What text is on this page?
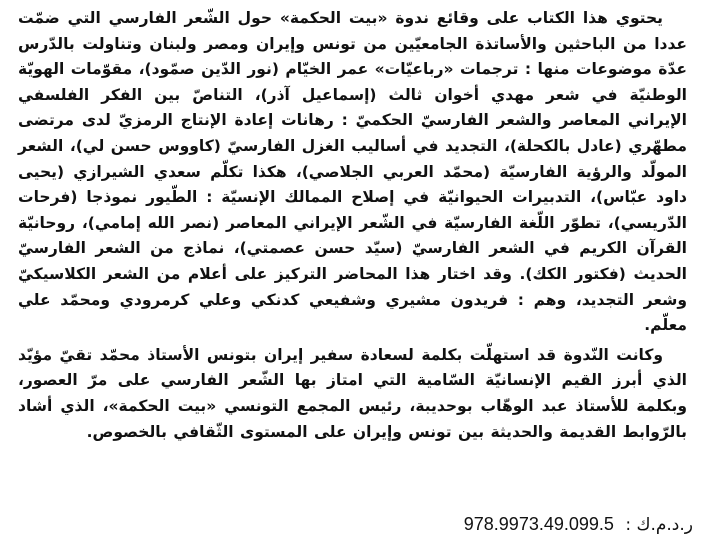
يحتوي هذا الكتاب على وقائع ندوة «بيت الحكمة» حول الشّعر الفارسي التي ضمّت عددا من الباحثين والأساتذة الجامعيّين من تونس وإيران ومصر ولبنان وتناولت بالدّرس عدّة موضوعات منها : ترجمات «رباعيّات» عمر الخيّام (نور الدّين صمّود)، مقوّمات الهويّة الوطنيّة في شعر مهدي أخوان ثالث (إسماعيل آذر)، التناصّ بين الفكر الفلسفي الإيراني المعاصر والشعر الفارسيّ الحكميّ : رهانات إعادة الإنتاج الرمزيّ لدى مرتضى مطهّري (عادل بالكحلة)، التجديد في أساليب الغزل الفارسيّ (كاووس حسن لي)، الشعر المولّد والرؤية الفارسيّة (محمّد العربي الجلاصي)، هكذا تكلّم سعدي الشيرازي (يحيى داود عبّاس)، التدبيرات الحيوانيّة في إصلاح الممالك الإنسيّة : الطّيور نموذجا (فرحات الدّريسي)، تطوّر اللّغة الفارسيّة في الشّعر الإيراني المعاصر (نصر الله إمامي)، روحانيّة القرآن الكريم في الشعر الفارسيّ (سيّد حسن عصمتي)، نماذج من الشعر الفارسيّ الحديث (فكتور الكك). وقد اختار هذا المحاضر التركيز على أعلام من الشعر الكلاسيكيّ وشعر التجديد، وهم : فريدون مشيري وشفيعي كدنكي وعلي كرمرودي ومحمّد علي معلّم.

وكانت النّدوة قد استهلّت بكلمة لسعادة سفير إيران بتونس الأستاذ محمّد تقيّ مؤيّد الذي أبرز القيم الإنسانيّة السّامية التي امتاز بها الشّعر الفارسي على مرّ العصور، وبكلمة للأستاذ عبد الوهّاب بوحديبة، رئيس المجمع التونسي «بيت الحكمة»، الذي أشاد بالرّوابط القديمة والحديثة بين تونس وإيران على المستوى الثّقافي بالخصوص.

ر.د.م.ك : 978.9973.49.099.5
